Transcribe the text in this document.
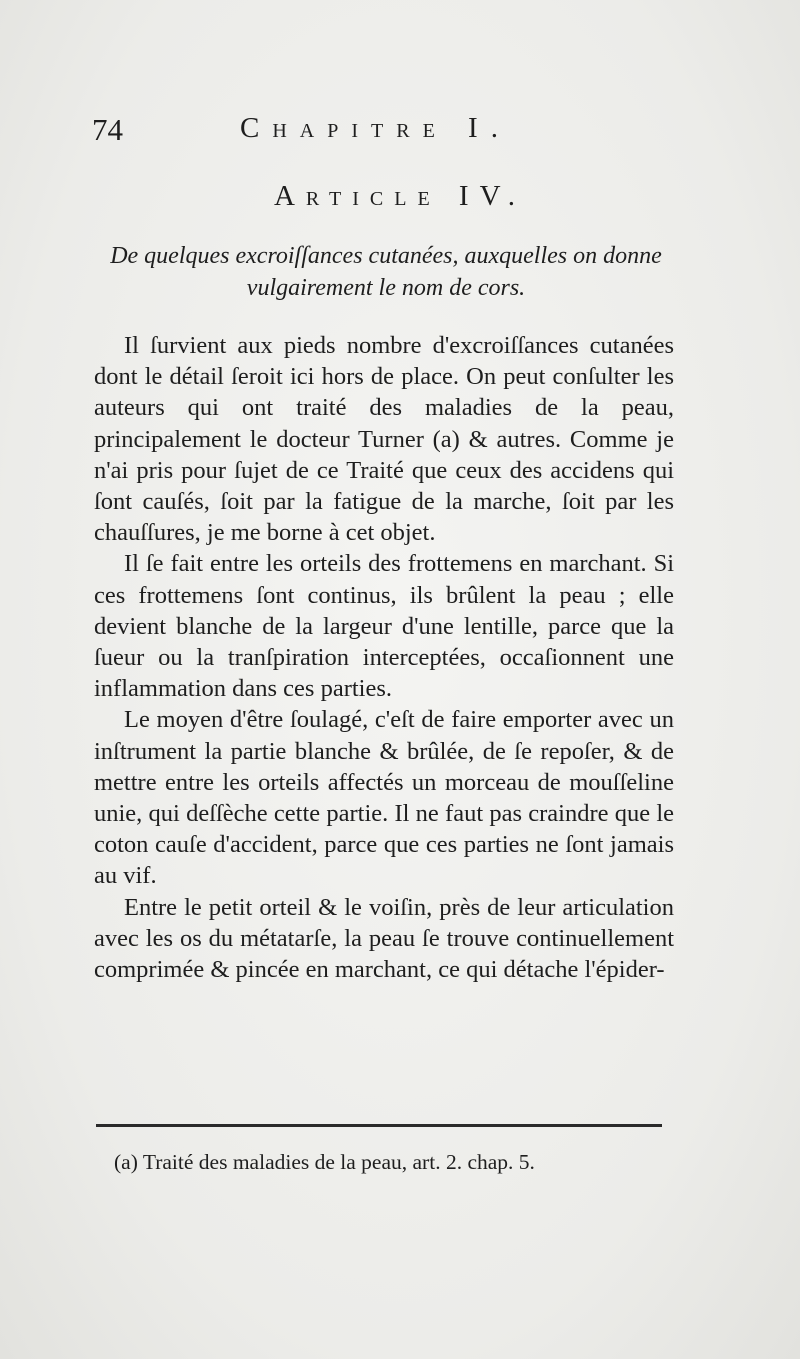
74	Chapitre I.
Article IV.
De quelques excroiſſances cutanées, auxquelles on donne vulgairement le nom de cors.

Il ſurvient aux pieds nombre d'excroiſſances cutanées dont le détail ſeroit ici hors de place. On peut conſulter les auteurs qui ont traité des maladies de la peau, principalement le docteur Turner (a) & autres. Comme je n'ai pris pour ſujet de ce Traité que ceux des accidens qui ſont cauſés, ſoit par la fatigue de la marche, ſoit par les chauſſures, je me borne à cet objet.

Il ſe fait entre les orteils des frottemens en marchant. Si ces frottemens ſont continus, ils brûlent la peau ; elle devient blanche de la largeur d'une lentille, parce que la ſueur ou la tranſpiration interceptées, occaſionnent une inflammation dans ces parties.

Le moyen d'être ſoulagé, c'eſt de faire emporter avec un inſtrument la partie blanche & brûlée, de ſe repoſer, & de mettre entre les orteils affectés un morceau de mouſſeline unie, qui deſſèche cette partie. Il ne faut pas craindre que le coton cauſe d'accident, parce que ces parties ne ſont jamais au vif.

Entre le petit orteil & le voiſin, près de leur articulation avec les os du métatarſe, la peau ſe trouve continuellement comprimée & pincée en marchant, ce qui détache l'épider-

(a) Traité des maladies de la peau, art. 2. chap. 5.
